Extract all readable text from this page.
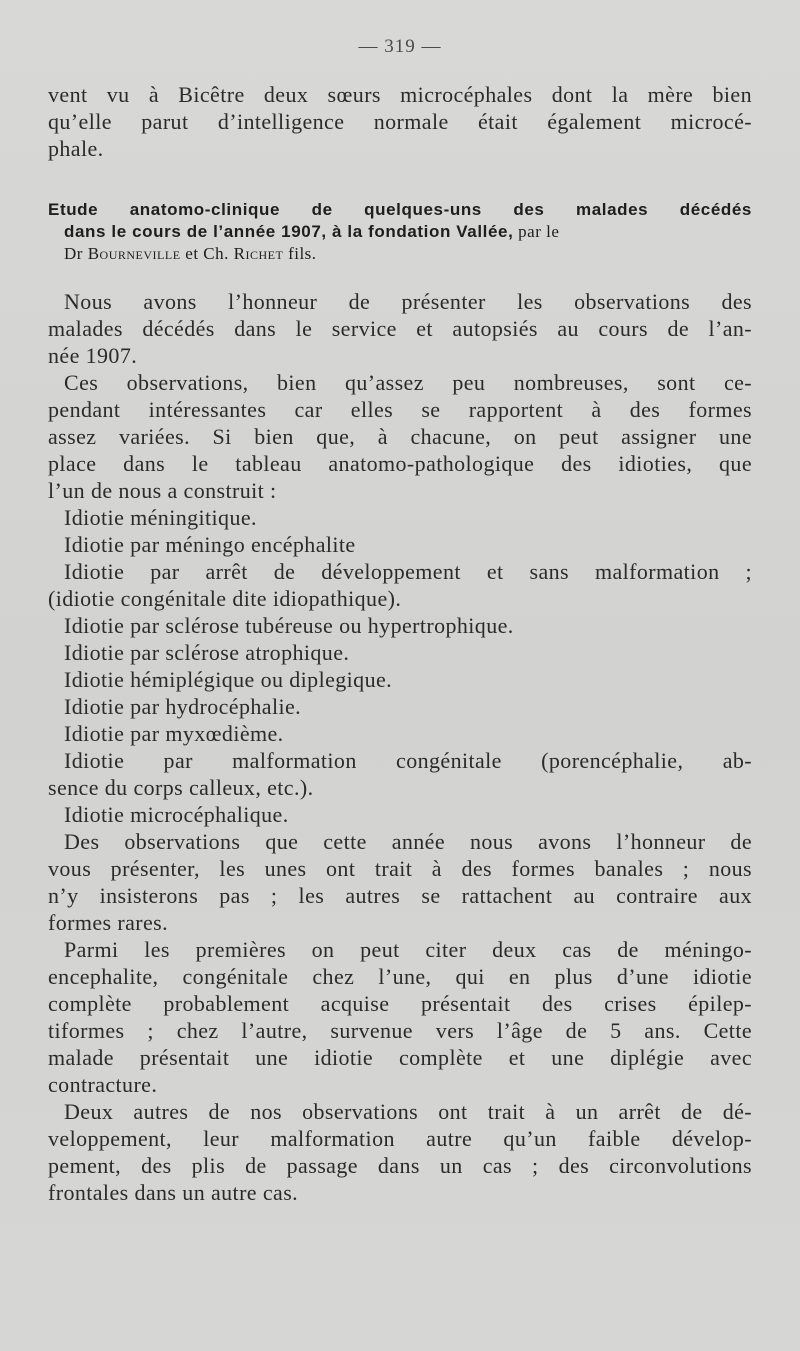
— 319 —
vent vu à Bicêtre deux sœurs microcéphales dont la mère bien
qu’elle parut d’intelligence normale était également microcé-
phale.
Etude anatomo-clinique de quelques-uns des malades décédés
dans le cours de l’année 1907, à la fondation Vallée, par le
Dr Bourneville et Ch. Richet fils.
Nous avons l’honneur de présenter les observations des
malades décédés dans le service et autopsiés au cours de l’an-
née 1907.
Ces observations, bien qu’assez peu nombreuses, sont ce-
pendant intéressantes car elles se rapportent à des formes
assez variées. Si bien que, à chacune, on peut assigner une
place dans le tableau anatomo-pathologique des idioties, que
l’un de nous a construit :
Idiotie méningitique.
Idiotie par méningo encéphalite
Idiotie par arrêt de développement et sans malformation ;
(idiotie congénitale dite idiopathique).
Idiotie par sclérose tubéreuse ou hypertrophique.
Idiotie par sclérose atrophique.
Idiotie hémiplégique ou diplegique.
Idiotie par hydrocéphalie.
Idiotie par myxœdième.
Idiotie par malformation congénitale (porencéphalie, ab-
sence du corps calleux, etc.).
Idiotie microcéphalique.
Des observations que cette année nous avons l’honneur de
vous présenter, les unes ont trait à des formes banales ; nous
n’y insisterons pas ; les autres se rattachent au contraire aux
formes rares.
Parmi les premières on peut citer deux cas de méningo-
encephalite, congénitale chez l’une, qui en plus d’une idiotie
complète probablement acquise présentait des crises épilep-
tiformes ; chez l’autre, survenue vers l’âge de 5 ans. Cette
malade présentait une idiotie complète et une diplégie avec
contracture.
Deux autres de nos observations ont trait à un arrêt de dé-
veloppement, leur malformation autre qu’un faible dévelop-
pement, des plis de passage dans un cas ; des circonvolutions
frontales dans un autre cas.
